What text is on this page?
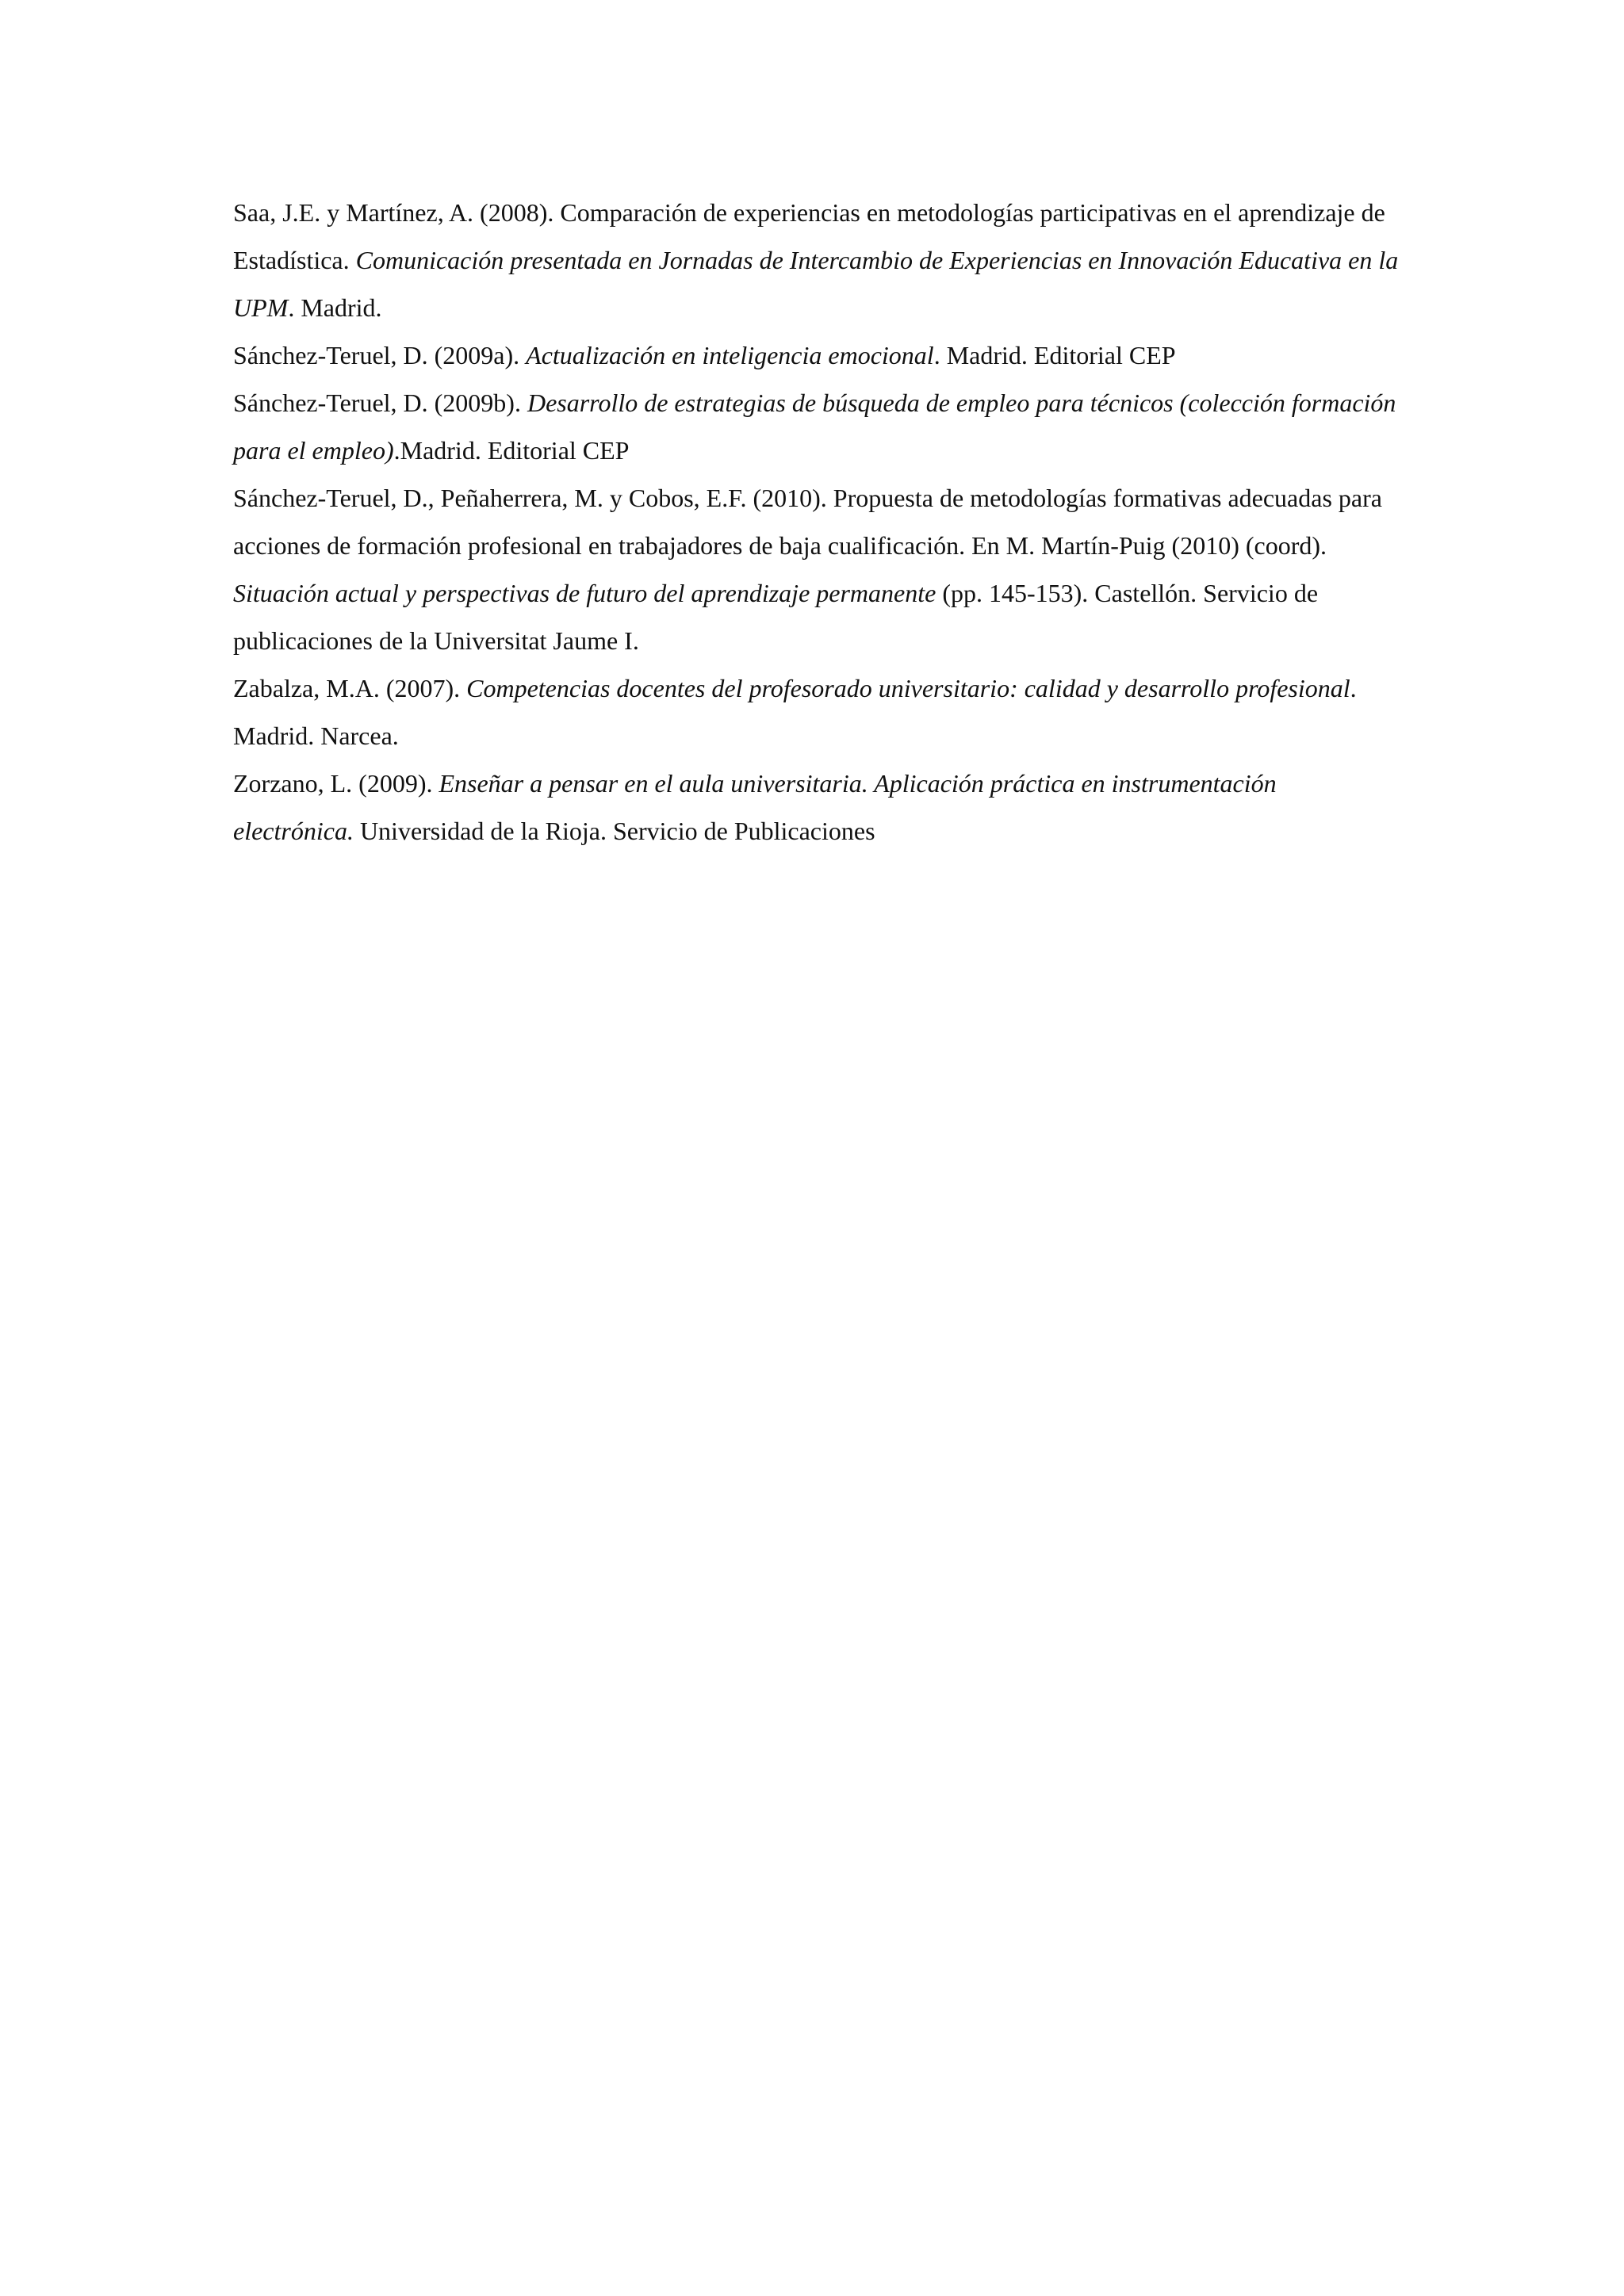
Saa, J.E. y Martínez, A. (2008). Comparación de experiencias en metodologías participativas en el aprendizaje de Estadística. Comunicación presentada en Jornadas de Intercambio de Experiencias en Innovación Educativa en la UPM. Madrid.

Sánchez-Teruel, D. (2009a). Actualización en inteligencia emocional. Madrid. Editorial CEP

Sánchez-Teruel, D. (2009b). Desarrollo de estrategias de búsqueda de empleo para técnicos (colección formación para el empleo).Madrid. Editorial CEP

Sánchez-Teruel, D., Peñaherrera, M. y Cobos, E.F. (2010). Propuesta de metodologías formativas adecuadas para acciones de formación profesional en trabajadores de baja cualificación. En M. Martín-Puig (2010) (coord).

Situación actual y perspectivas de futuro del aprendizaje permanente (pp. 145-153). Castellón. Servicio de publicaciones de la Universitat Jaume I.

Zabalza, M.A. (2007). Competencias docentes del profesorado universitario: calidad y desarrollo profesional. Madrid. Narcea.

Zorzano, L. (2009). Enseñar a pensar en el aula universitaria. Aplicación práctica en instrumentación electrónica. Universidad de la Rioja. Servicio de Publicaciones
